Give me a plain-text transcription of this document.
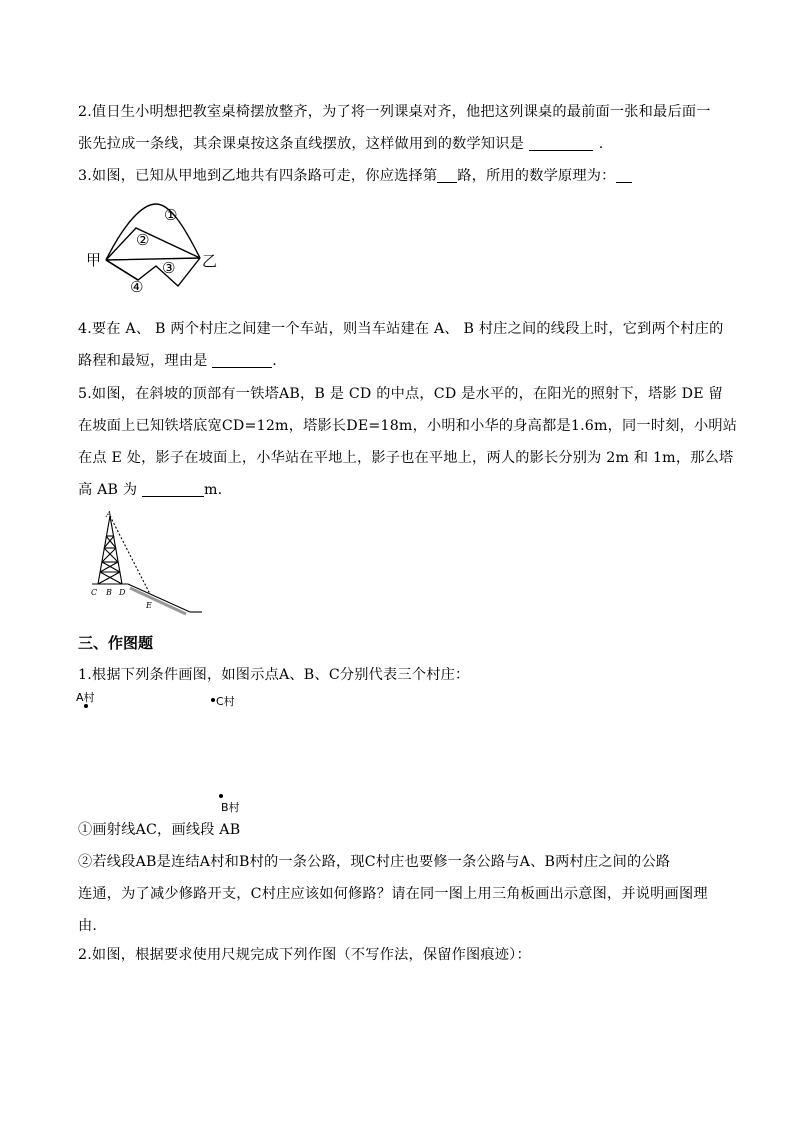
2.值日生小明想把教室桌椅摆放整齐，为了将一列课桌对齐，他把这列课桌的最前面一张和最后面一
张先拉成一条线，其余课桌按这条直线摆放，这样做用到的数学知识是	.
3.如图，已知从甲地到乙地共有四条路可走，你应选择第 路，所用的数学原理为：
甲	乙
①
②
③
④
4.要在 A、 B 两个村庄之间建一个车站，则当车站建在 A、 B 村庄之间的线段上时，它到两个村庄的
路程和最短，理由是	.
5.如图，在斜坡的顶部有一铁塔AB，B 是 CD 的中点，CD 是水平的，在阳光的照射下，塔影 DE 留
在坡面上已知铁塔底宽CD=12m，塔影长DE=18m，小明和小华的身高都是1.6m，同一时刻，小明站
在点 E 处，影子在坡面上，小华站在平地上，影子也在平地上，两人的影长分别为 2m 和 1m，那么塔
高 AB 为	m.
A
C B D
E
三、作图题
1.根据下列条件画图，如图示点A、B、C分别代表三个村庄：
A村	C村
B村
①画射线AC，画线段 AB
②若线段AB是连结A村和B村的一条公路，现C村庄也要修一条公路与A、B两村庄之间的公路
连通，为了减少修路开支，C村庄应该如何修路？请在同一图上用三角板画出示意图，并说明画图理
由.
2.如图，根据要求使用尺规完成下列作图（不写作法，保留作图痕迹）：
